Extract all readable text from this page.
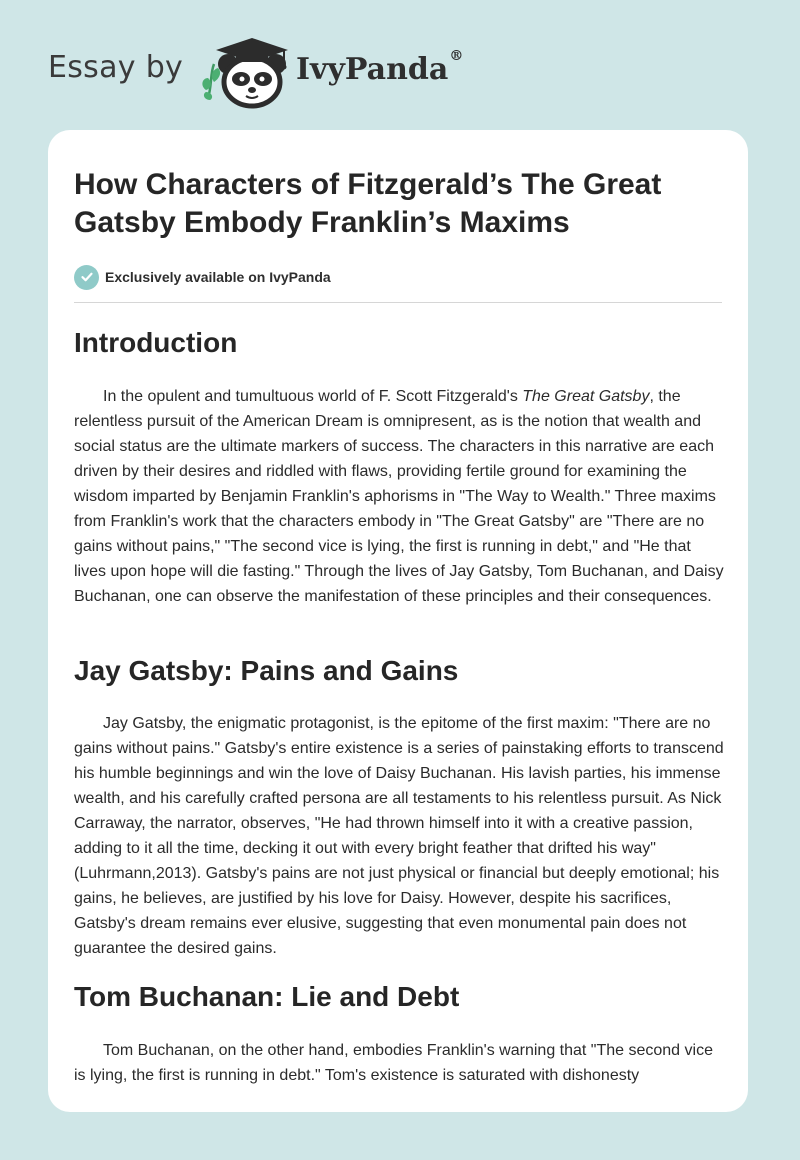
Essay by	IvyPanda®
How Characters of Fitzgerald’s The Great Gatsby Embody Franklin’s Maxims
Exclusively available on IvyPanda
Introduction

In the opulent and tumultuous world of F. Scott Fitzgerald's The Great Gatsby, the relentless pursuit of the American Dream is omnipresent, as is the notion that wealth and social status are the ultimate markers of success. The characters in this narrative are each driven by their desires and riddled with flaws, providing fertile ground for examining the wisdom imparted by Benjamin Franklin's aphorisms in "The Way to Wealth." Three maxims from Franklin's work that the characters embody in "The Great Gatsby" are "There are no gains without pains," "The second vice is lying, the first is running in debt," and "He that lives upon hope will die fasting." Through the lives of Jay Gatsby, Tom Buchanan, and Daisy Buchanan, one can observe the manifestation of these principles and their consequences.

Jay Gatsby: Pains and Gains

Jay Gatsby, the enigmatic protagonist, is the epitome of the first maxim: "There are no gains without pains." Gatsby's entire existence is a series of painstaking efforts to transcend his humble beginnings and win the love of Daisy Buchanan. His lavish parties, his immense wealth, and his carefully crafted persona are all testaments to his relentless pursuit. As Nick Carraway, the narrator, observes, "He had thrown himself into it with a creative passion, adding to it all the time, decking it out with every bright feather that drifted his way" (Luhrmann,2013). Gatsby's pains are not just physical or financial but deeply emotional; his gains, he believes, are justified by his love for Daisy. However, despite his sacrifices, Gatsby's dream remains ever elusive, suggesting that even monumental pain does not guarantee the desired gains.

Tom Buchanan: Lie and Debt

Tom Buchanan, on the other hand, embodies Franklin's warning that "The second vice is lying, the first is running in debt." Tom's existence is saturated with dishonesty
